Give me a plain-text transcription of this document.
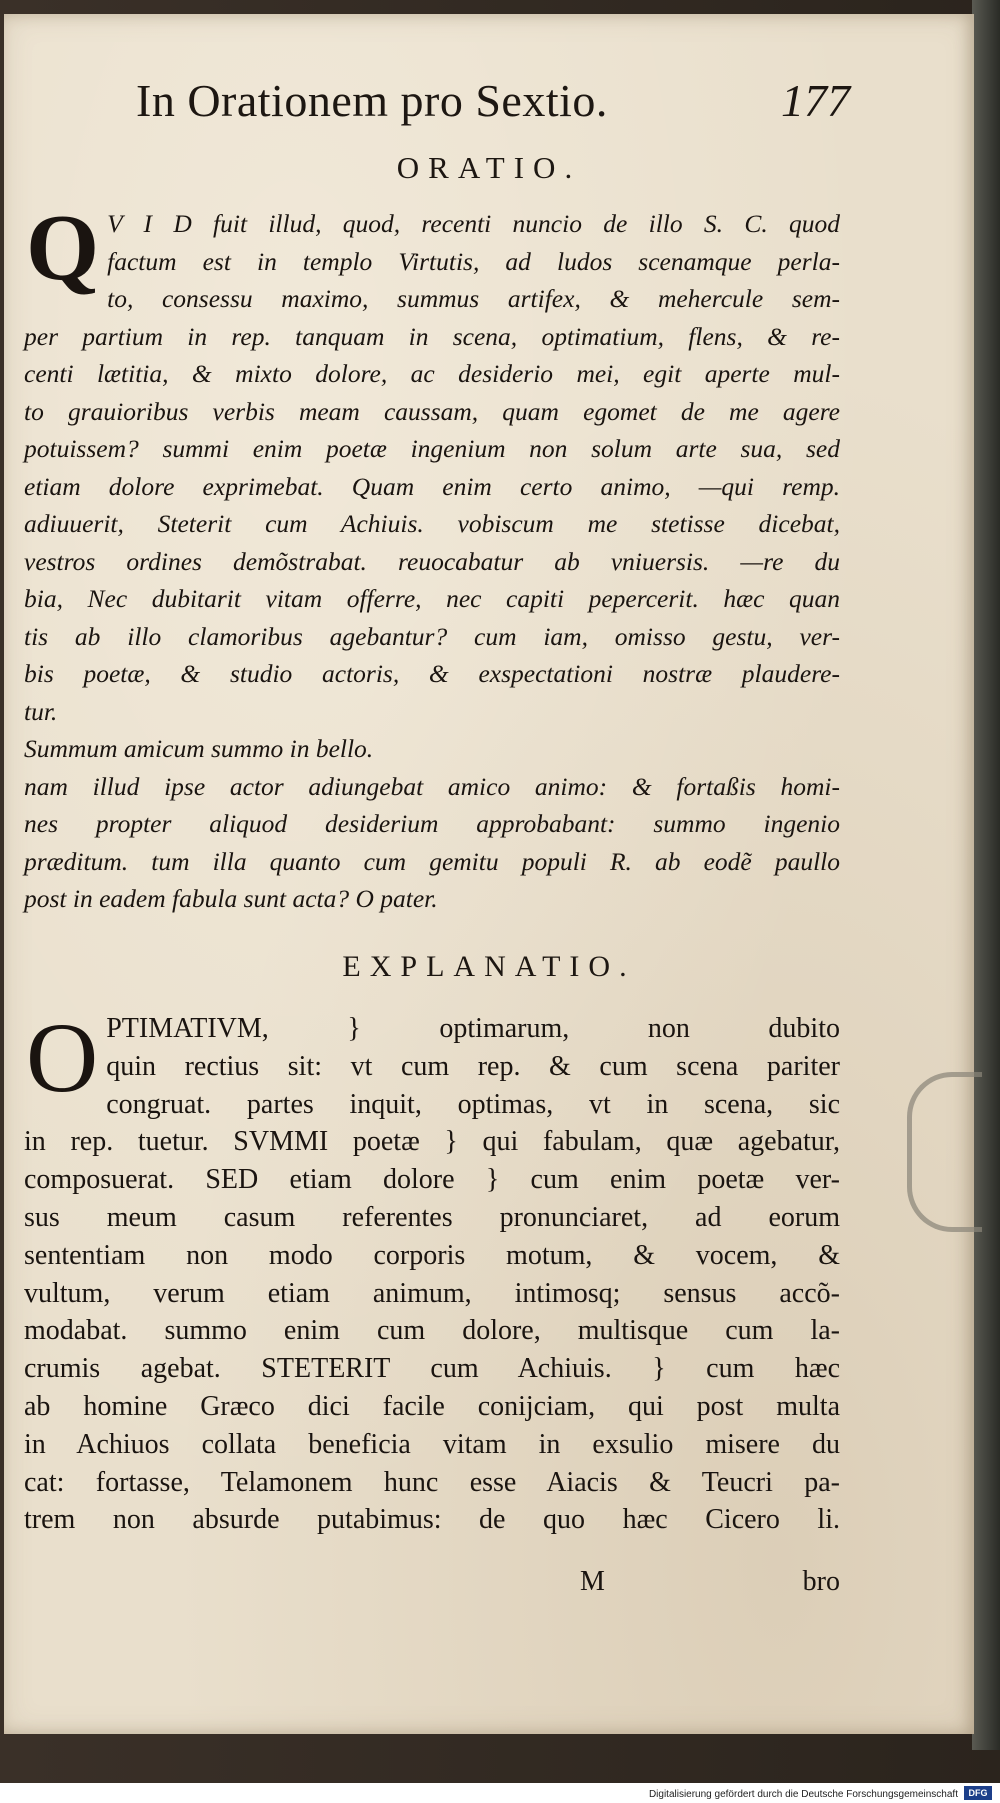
In Orationem pro Sextio.	177
ORATIO.
Q V I D fuit illud, quod, recenti nuncio de illo S. C. quod
factum est in templo Virtutis, ad ludos scenamque perla-
to, consessu maximo, summus artifex, & mehercule sem-
per partium in rep. tanquam in scena, optimatium, flens, & re-
centi lætitia, & mixto dolore, ac desiderio mei, egit aperte mul-
to grauioribus verbis meam caussam, quam egomet de me agere
potuissem? summi enim poetæ ingenium non solum arte sua, sed
etiam dolore exprimebat. Quam enim certo animo, —qui remp.
adiuuerit, Steterit cum Achiuis. vobiscum me stetisse dicebat,
vestros ordines demõstrabat. reuocabatur ab vniuersis. —re du
bia, Nec dubitarit vitam offerre, nec capiti pepercerit. hæc quan
tis ab illo clamoribus agebantur? cum iam, omisso gestu, ver-
bis poetæ, & studio actoris, & exspectationi nostræ plaudere-
tur.
Summum amicum summo in bello.
nam illud ipse actor adiungebat amico animo: & fortaßis homi-
nes propter aliquod desiderium approbabant: summo ingenio
præditum. tum illa quanto cum gemitu populi R. ab eodẽ paullo
post in eadem fabula sunt acta? O pater.
EXPLANATIO.
O PTIMATIVM, } optimarum, non dubito
quin rectius sit: vt cum rep. & cum scena pariter
congruat. partes inquit, optimas, vt in scena, sic
in rep. tuetur. SVMMI poetæ } qui fabulam, quæ agebatur,
composuerat. SED etiam dolore } cum enim poetæ ver-
sus meum casum referentes pronunciaret, ad eorum
sententiam non modo corporis motum, & vocem, &
vultum, verum etiam animum, intimosq; sensus accõ-
modabat. summo enim cum dolore, multisque cum la-
crumis agebat. STETERIT cum Achiuis. } cum hæc
ab homine Græco dici facile conijciam, qui post multa
in Achiuos collata beneficia vitam in exsulio misere du
cat: fortasse, Telamonem hunc esse Aiacis & Teucri pa-
trem non absurde putabimus: de quo hæc Cicero li.
M	bro
Digitalisierung gefördert durch die Deutsche Forschungsgemeinschaft	DFG
